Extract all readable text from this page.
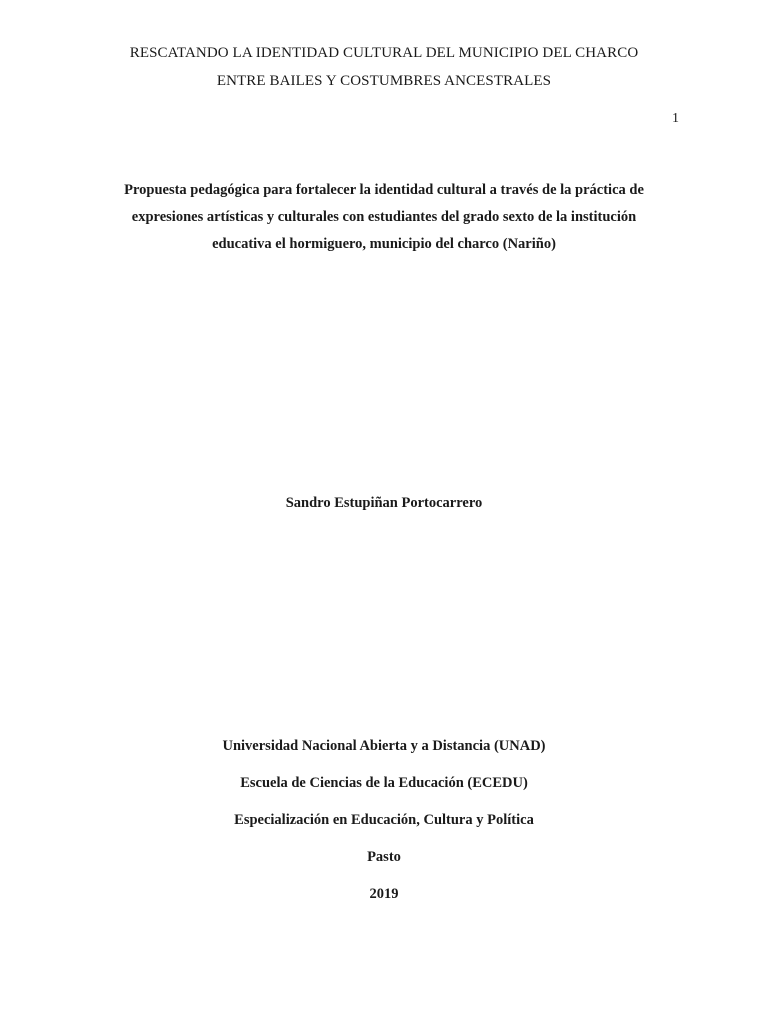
RESCATANDO LA IDENTIDAD CULTURAL DEL MUNICIPIO DEL CHARCO
ENTRE BAILES Y COSTUMBRES ANCESTRALES
1
Propuesta pedagógica para fortalecer la identidad cultural a través de la práctica de
expresiones artísticas y culturales con estudiantes del grado sexto de la institución
educativa el hormiguero, municipio del charco (Nariño)
Sandro Estupiñan Portocarrero
Universidad Nacional Abierta y a Distancia (UNAD)
Escuela de Ciencias de la Educación (ECEDU)
Especialización en Educación, Cultura y Política
Pasto
2019
